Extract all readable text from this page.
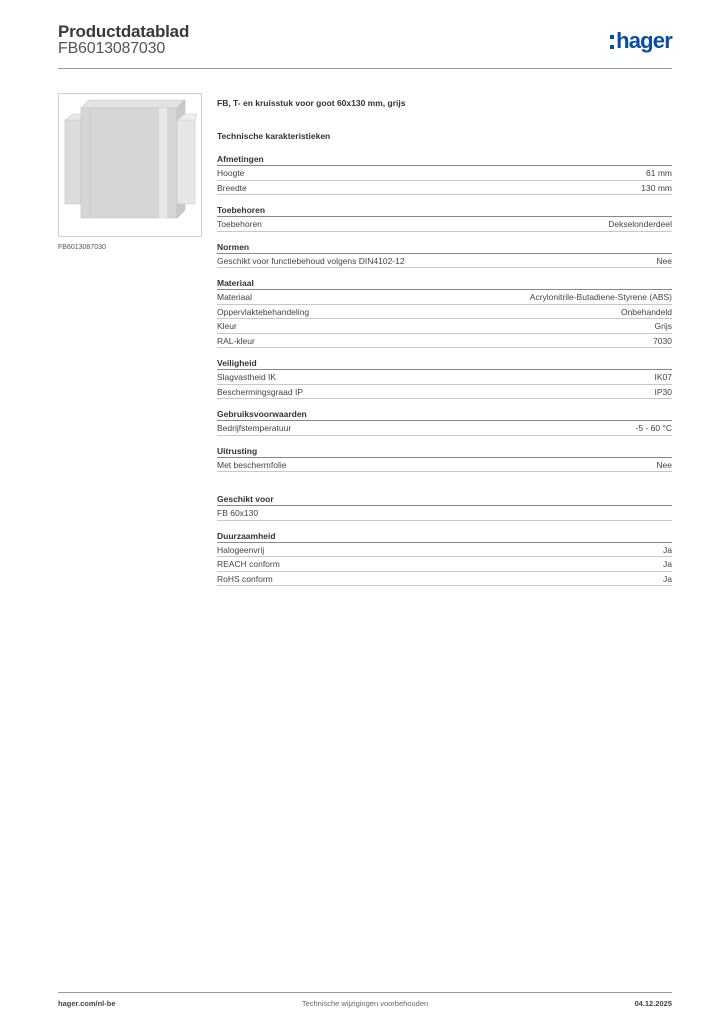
Productdatablad
FB6013087030	hager
FB6013087030
FB, T- en kruisstuk voor goot 60x130 mm, grijs
Technische karakteristieken
Afmetingen
Hoogte	61 mm
Breedte	130 mm
Toebehoren
Toebehoren	Dekselonderdeel
Normen
Geschikt voor functiebehoud volgens DIN4102-12	Nee
Materiaal
Materiaal	Acrylonitrile-Butadiene-Styrene (ABS)
Oppervlaktebehandeling	Onbehandeld
Kleur	Grijs
RAL-kleur	7030
Veiligheid
Slagvastheid IK	IK07
Beschermingsgraad IP	IP30
Gebruiksvoorwaarden
Bedrijfstemperatuur	-5 - 60 °C
Uitrusting
Met beschermfolie	Nee
Geschikt voor
FB 60x130
Duurzaamheid
Halogeenvrij	Ja
REACH conform	Ja
RoHS conform	Ja
hager.com/nl-be	Technische wijzigingen voorbehouden	04.12.2025
